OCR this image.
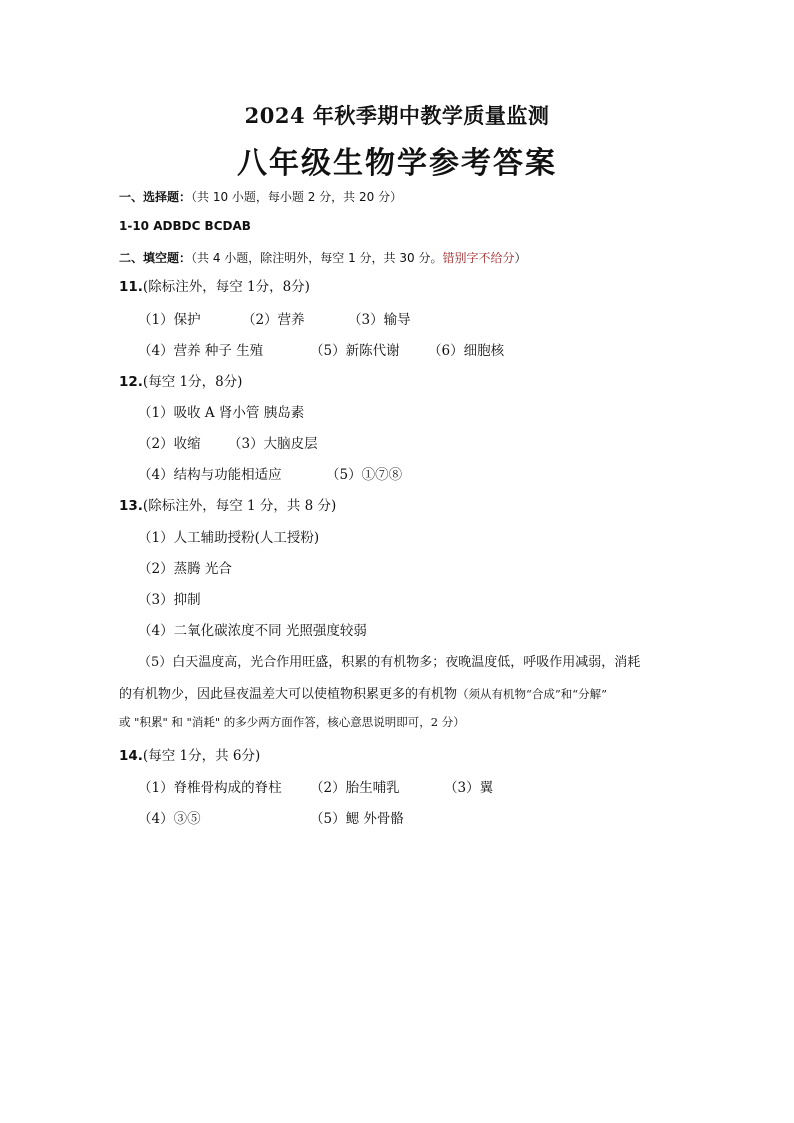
2024 年秋季期中教学质量监测
八年级生物学参考答案
一、选择题：（共 10 小题，每小题 2 分，共 20 分）
1-10 ADBDC BCDAB
二、填空题：（共 4 小题，除注明外，每空 1 分，共 30 分。错别字不给分）
11.(除标注外，每空 1分，8分)
（1）保护	（2）营养	（3）输导
（4）营养 种子 生殖	（5）新陈代谢 （6）细胞核
12.(每空 1分，8分)
（1）吸收 A 肾小管 胰岛素
（2）收缩 （3）大脑皮层
（4）结构与功能相适应	（5）①⑦⑧
13.(除标注外，每空 1 分，共 8 分)
（1）人工辅助授粉(人工授粉)
（2）蒸腾 光合
（3）抑制
（4）二氧化碳浓度不同 光照强度较弱
（5）白天温度高，光合作用旺盛，积累的有机物多；夜晚温度低，呼吸作用减弱，消耗
的有机物少，因此昼夜温差大可以使植物积累更多的有机物（须从有机物“合成”和“分解”
或 "积累" 和 "消耗" 的多少两方面作答，核心意思说明即可，2 分）
14.(每空 1分，共 6分)
（1）脊椎骨构成的脊柱 （2）胎生哺乳	（3）翼
（4）③⑤	（5）鳃 外骨骼
